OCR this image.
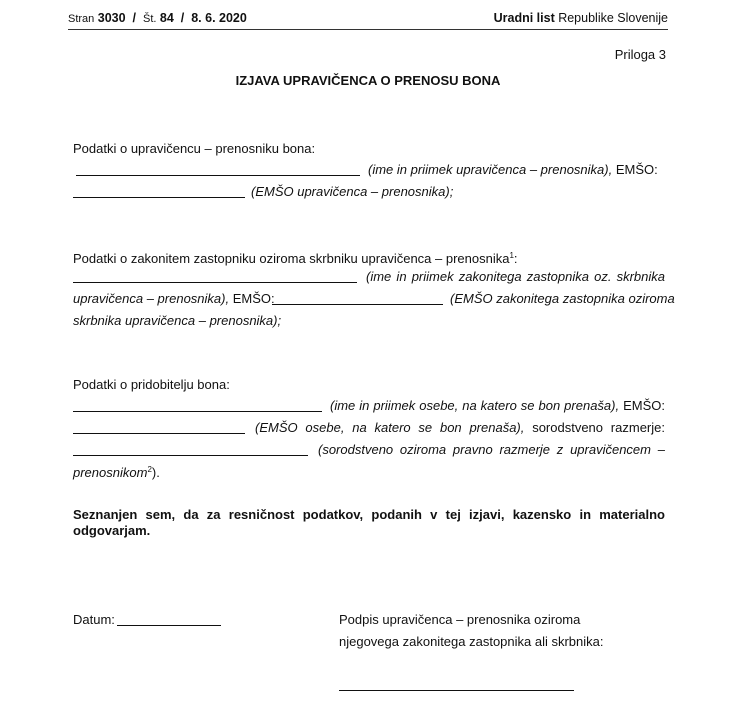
Stran 3030  /  Št. 84  /  8. 6. 2020	Uradni list Republike Slovenije
Priloga 3
IZJAVA UPRAVIČENCA O PRENOSU BONA
Podatki o upravičencu – prenosniku bona:
(ime in priimek upravičenca – prenosnika), EMŠO:
(EMŠO upravičenca – prenosnika);
Podatki o zakonitem zastopniku oziroma skrbniku upravičenca – prenosnika$^1$:
(ime in priimek zakonitega zastopnika oz. skrbnika
upravičenca – prenosnika), EMŠO:	(EMŠO zakonitega zastopnika oziroma
skrbnika upravičenca – prenosnika);
Podatki o pridobitelju bona:
(ime in priimek osebe, na katero se bon prenaša), EMŠO:
(EMŠO osebe, na katero se bon prenaša), sorodstveno razmerje:
(sorodstveno oziroma pravno razmerje z upravičencem –
prenosnikom$^2$).
Seznanjen sem, da za resničnost podatkov, podanih v tej izjavi, kazensko in materialno
odgovarjam.
Datum:	Podpis upravičenca – prenosnika oziroma
njegovega zakonitega zastopnika ali skrbnika:
